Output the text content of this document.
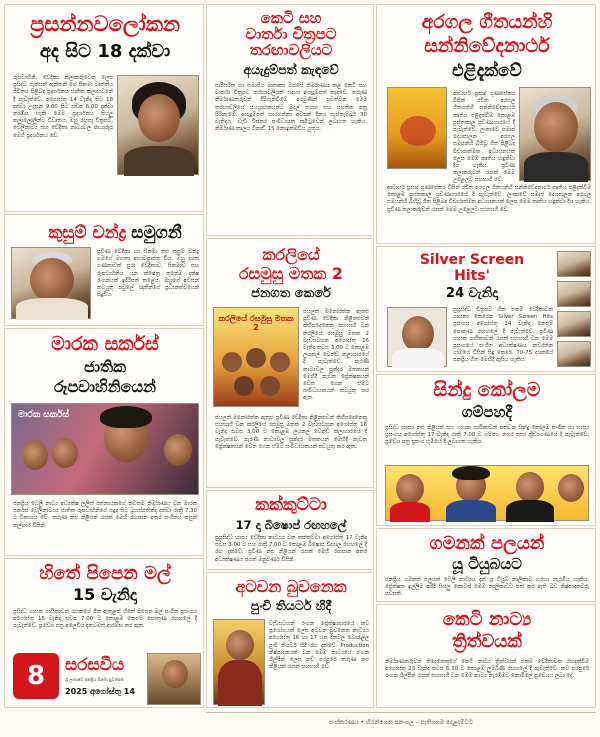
ප්‍රසන්නවලෝකන
අද සිට 18 දක්වා
රූපවාහිනී, වේදිකා කලාකරුවෙකු ලෙස ප්‍රසිද්ධ ජැක්සන් ඇන්තනී ගේ සිනමා වෘත්තීය ජීවිතය පිළිබඳ ප්‍රදර්ශනය ජාතික කලාභවනේ දී පැවැත්වේ. අගෝස්තු 14 වැනිදා සිට 18 දක්වා උදෑසන 9.00 සිට සවස 6.00 දක්වා නරඹිය හැකි මෙම ප්‍රදර්ශනය සියලු කලාලෝලීන්ට විවෘතය. ඔහු රඟපෑ චිත්‍රපට, ටෙලිනාට්‍ය සහ වේදිකා නාට්‍යවල ඡායාරූප මෙහි ප්‍රදර්ශනය වේ.
කෙටි සහ
වාර්තා චිත්‍රපට
තරඟාවලියට
අයැදුම්පත් කැඳවේ
පාරිසරික හා සමාජීය මාතෘකා ඔස්සේ නිර්මාණය කළ කෙටි සහ වාර්තා චිත්‍රපට තරඟාවලියක් සඳහා අයැදුම්පත් කැඳවේ. තරුණ නිර්මාණකරුවන් දිරිගැන්වීමේ අරමුණින් පවත්වන මෙම තරඟාවලියේ ජයග්‍රාහකයන්ට මුදල් ත්‍යාග සහ සහතික පත්‍ර පිරිනැමේ. අයැදුම්පත් භාරගන්නා අවසන් දිනය සැප්තැම්බර් 30 වැනිදාය. වැඩි විස්තර සංවිධායක කමිටුවෙන් ලබාගත හැකිය. නිර්මාණ කාලය විනාඩි 15 නොඉක්මවිය යුතුය.
අරගල ගීතයන්හි
සන්නිවේදනාර්ථ
එළිදැක්වේ
ආචාර්ය ප්‍රසාද් ගුණසේකර විසින් රචිත අරගල ගීතයන්හි සන්නිවේදනාර්ථ කෘතිය එළිදැක්වීම කොළඹ පුස්තකාල ශ්‍රවණාගාරයේ දී පැවැත්වේ. ලංකාවේ සමාජ දේශපාලන අරගල සමයන්හි බිහිවූ ගීත පිළිබඳ විචාරාත්මක අධ්‍යයනයක් ලෙස මෙම කෘතිය හඳුන්වා දිය හැකිය. ප්‍රවීණ කලාකරුවන් රැසක් මෙම උළෙලට සහභාගි වේ.
ආචාර්ය ප්‍රසාද් ගුණසේකර විසින් රචිත අරගල ගීතයන්හි සන්නිවේදනාර්ථ කෘතිය එළිදැක්වීම කොළඹ පුස්තකාල ශ්‍රවණාගාරයේ දී පැවැත්වේ. ලංකාවේ සමාජ දේශපාලන අරගල සමයන්හි බිහිවූ ගීත පිළිබඳ විචාරාත්මක අධ්‍යයනයක් ලෙස මෙම කෘතිය හඳුන්වා දිය හැකිය. ප්‍රවීණ කලාකරුවන් රැසක් මෙම උළෙලට සහභාගි වේ.
කුසුම් චන්ද්‍ර සමුගනී
ප්‍රවීණ වේදිකා හා සිනමා නළු කුසුම් චන්ද්‍ර ගමගේ මහතා අභාවප්‍රාප්ත විය. ඔහු දශක ගණනාවක් පුරා වේදිකාව, සිනමාව සහ රූපවාහිනිය යන ක්ෂේත්‍ර තුනේම දක්ෂ රංගනයක් ඉදිරිපත් කළේය. ඔහුගේ අවසන් කටයුතු පවුලේ ඥාතීන්ගේ ප්‍රධානත්වයෙන් සිදුවිය.
කරලියේ
රසමුසු මතක 2
ජනගත කෙරේ
කරලියේ රසමුසු මතක 2
ජයලත් මනෝරත්න ඇතුළු ප්‍රවීණ වේදිකා නිළිනළුවන් කිහිපදෙනෙකු සහභාගී වන කරලියේ රසමුසු මතක 2 වැඩසටහන අගෝස්තු 16 වැනිදා සවස 3.00 ට කොළඹ ලයනල් වෙන්ඩ් කලාගාරයේ දී පැවැත්වේ. පැරණි නාට්‍යවල සුන්දර මතකයන් මෙහිදී නැවත ප්‍රේක්ෂකයන් වෙත ගෙන ඒමට සංවිධායකයන් කටයුතු කර ඇත.
ජයලත් මනෝරත්න ඇතුළු ප්‍රවීණ වේදිකා නිළිනළුවන් කිහිපදෙනෙකු සහභාගී වන කරලියේ රසමුසු මතක 2 වැඩසටහන අගෝස්තු 16 වැනිදා සවස 3.00 ට කොළඹ ලයනල් වෙන්ඩ් කලාගාරයේ දී පැවැත්වේ. පැරණි නාට්‍යවල සුන්දර මතකයන් මෙහිදී නැවත ප්‍රේක්ෂකයන් වෙත ගෙන ඒමට සංවිධායකයන් කටයුතු කර ඇත.
Silver Screen
Hits'
24 වැනිදා
සුප්‍රසිද්ධ චිත්‍රපට ගීත එකම වේදිකාවක ගායනා කෙරෙන Silver Screen Hits ප්‍රසංගය අගෝස්තු 24 වැනිදා නෙළුම් පොකුණ රඟහලේ දී පැවැත්වේ. ප්‍රවීණ ගායක ගායිකාවන් රැසක් සහභාගි වන මෙම ප්‍රසංගයේ සංගීත අධ්‍යක්ෂණය නවරත්න ගාමගේ විසින් සිදු කෙරේ. 70-75 දශකයේ ජනප්‍රිය ගීත මෙහිදී ඇසිය හැකිය.
මාරක සර්කස්
ජාතික
රූපවාහිනියෙන්
මාරක සර්කස්
ජනප්‍රිය ටෙලි නාට්‍ය අධ්‍යක්ෂ ලලිත් රත්නායකගේ නවතම නිර්මාණය වන මාරක සර්කස් ටෙලිනාට්‍යය ජාතික රූපවාහිනියේ සඳුදා සිට බ්‍රහස්පතින්දා දක්වා රාත්‍රී 7.30 ට විකාශය වේ. තරුණ නළු නිළියන් රැසක් මෙහි රඟපාන අතර සංගීතය කසුන් කල්හාර විසිනි.
සින්දු කෝලම
ගම්පහදී
ප්‍රසිද්ධ හාස්‍ය නළු නිළියන් සහ ගායක ගායිකාවන් එක්වන සින්දු කෝලම සංගීත හා හාස්‍ය ප්‍රසංගය අගෝස්තු 17 වැනිදා රාත්‍රී 7.00 ට ගම්පහ නගර සභා ක්‍රීඩාංගණයේ දී පැවැත්වේ. ප්‍රවේශ පත්‍ර ප්‍රසංග භූමියේ දී ලබාගත හැකිය.
කක්කුට්ටා
17 දා බිෂොප් රඟහලේ
සුප්‍රසිද්ධ හාස්‍ය වේදිකා නාට්‍යය වන කක්කුට්ටා අගෝස්තු 17 වැනිදා සවස 3.00 ට සහ රාත්‍රී 7.00 ට කොළඹ බිෂොප් විද්‍යාල රඟහලේ දී රඟ දැක්වේ. ප්‍රවීණ නළු නිළියන් රැසක් මෙහි රඟපාන අතර අධ්‍යක්ෂණය ජගත් මනුවර්ණ විසිනි.
ගමනක් පලයන්
යූ ටියුබයට
ජනප්‍රිය ගමනක් පලයන් ටෙලි නාට්‍යය දැන් යූ ටියුබ් නාලිකාව හරහා නැරඹිය හැකිය. ප්‍රේක්ෂක ඉල්ලීම පරිදි සියලු කොටස් මෙම නාලිකාවට එක් කර ඇති බව නිෂ්පාදකවරු පවසති.
කෙටි නාට්‍ය
ත්‍රිත්වයක්
නිර්මාණකරුවන් තිදෙනෙකුගේ කෙටි නාට්‍ය ත්‍රිත්වයක් එකම වේදිකාවක රඟදැක්වීම අගෝස්තු 23 වැනිදා සවස 6.30 ට කොළඹ ලුම්බිණි රඟහලේ දී පැවැත්වේ. නව පරපුරේ රංගන ශිල්පීන් රැසක් සහභාගි වන මෙම නාට්‍ය නැරඹීමට නොමිලේ ප්‍රවේශය ලබා දේ.
හිතේ පිපෙන මල්
15 වැනිදා
ප්‍රසිද්ධ ගායක ගායිකාවන් රැසකගේ ගීත ඇතුළත් හිතේ පිපෙන මල් සංගීත ප්‍රසංගය අගෝස්තු 15 වැනිදා සවස 7.00 ට කොළඹ නෙළුම් පොකුණ රඟහලේ දී පැවැත්වේ. ප්‍රවේශ පත්‍ර අලෙවිය දැනටමත් ආරම්භ කර ඇත.
8	සරසවිය
ශ්‍රී ලංකාවේ ජනප්‍රිය සිනමා පුවත්පත
2025 අගෝස්තු 14
අටවන බුවනෙක
පුංචි තියටර් හිදී
වැඩසටහන් රංගන ප්‍රේක්ෂාගාරයේ නව ප්‍රයෝගයක් ලෙස අටවන බුවනෙක නාට්‍යය අගෝස්තු 16 හා 17 යන දිනවල බොරැල්ල පුංචි තියටර් හිදී රඟ දැක්වේ. Production නිෂ්පාදනයක් වන මෙම නාට්‍යයේ රංගන ශිල්පීන් ලෙස නව පරපුරේ තරුණ නළු නිළියන් රැසක් සහභාගි වේ.
සංස්කරණය • හිරන්ගෙන පනංගල – පැතිගගම දෙළදම්වට
